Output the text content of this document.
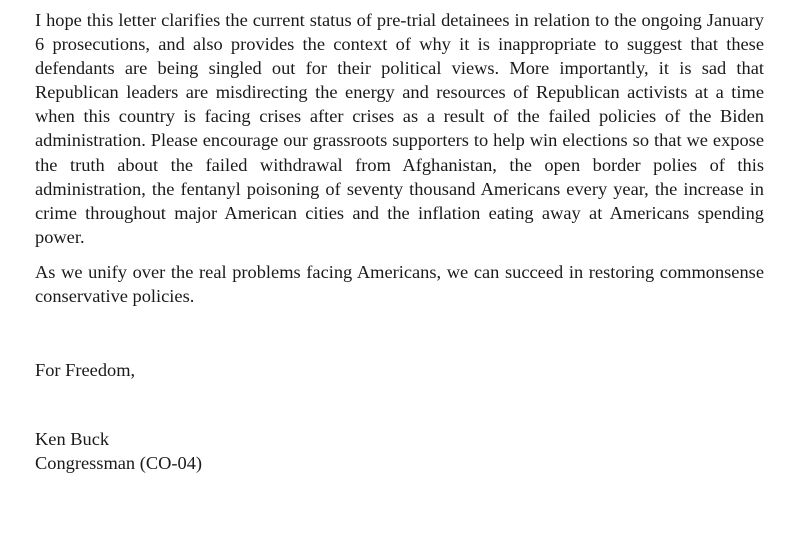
I hope this letter clarifies the current status of pre-trial detainees in relation to the ongoing January 6 prosecutions, and also provides the context of why it is inappropriate to suggest that these defendants are being singled out for their political views. More importantly, it is sad that Republican leaders are misdirecting the energy and resources of Republican activists at a time when this country is facing crises after crises as a result of the failed policies of the Biden administration. Please encourage our grassroots supporters to help win elections so that we expose the truth about the failed withdrawal from Afghanistan, the open border polies of this administration, the fentanyl poisoning of seventy thousand Americans every year, the increase in crime throughout major American cities and the inflation eating away at Americans spending power.

As we unify over the real problems facing Americans, we can succeed in restoring commonsense conservative policies.

For Freedom,

Ken Buck

Congressman (CO-04)
